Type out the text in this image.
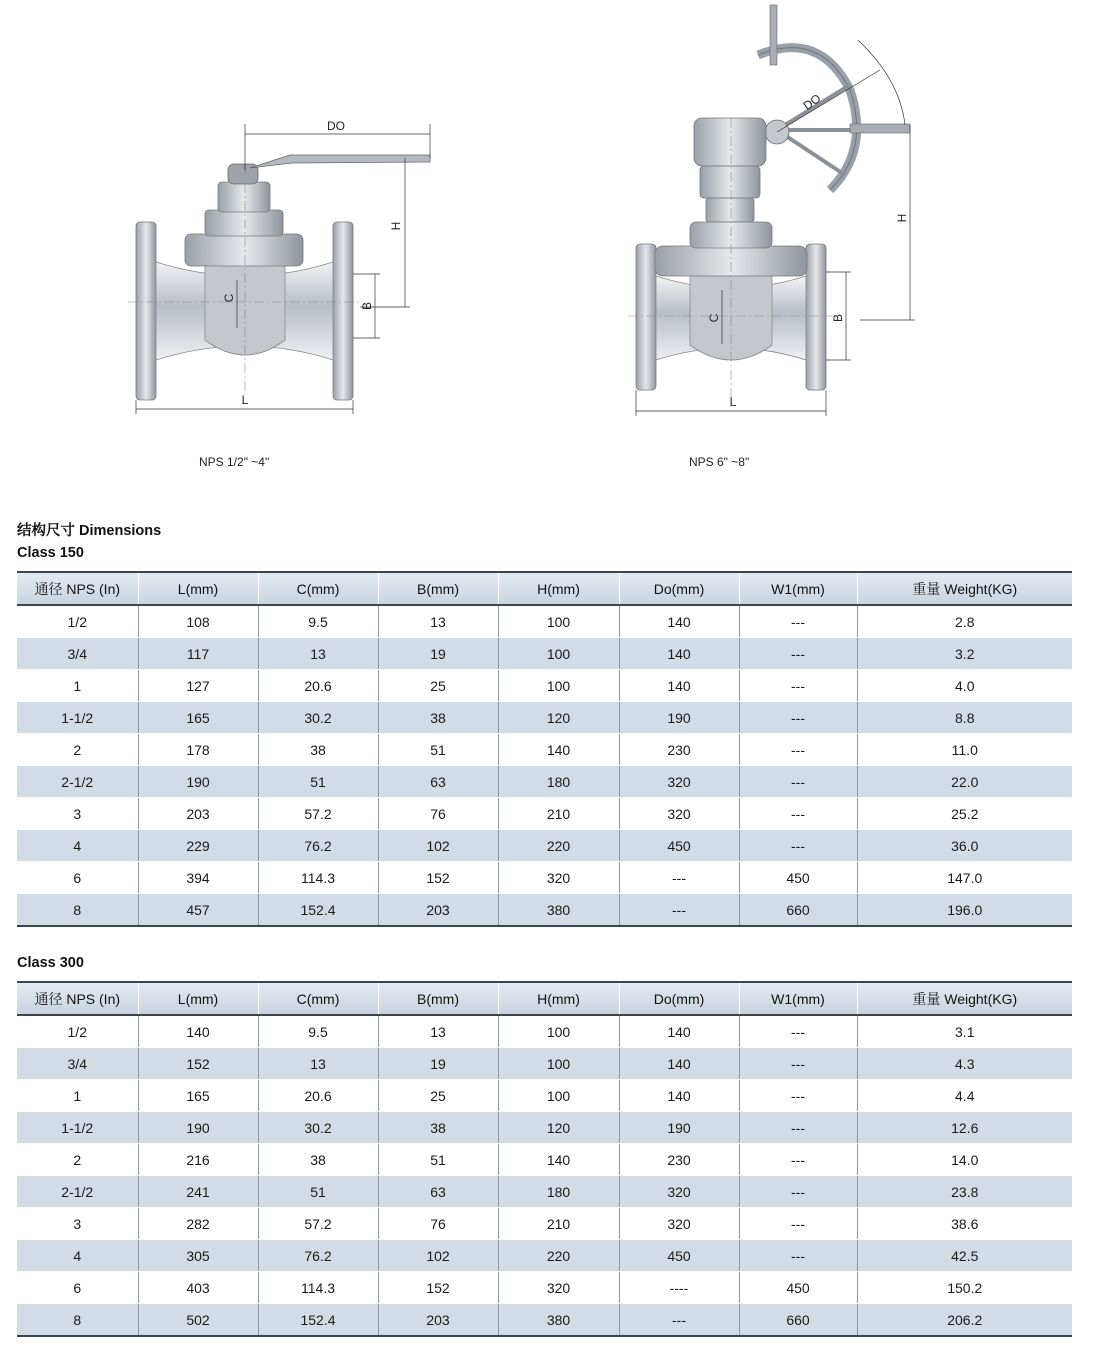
DO
H
C
B
L
NPS 1/2" ~4"
DO
H
C	B
L
NPS 6" ~8"
结构尺寸 Dimensions
Class 150
通径 NPS (In)	L(mm)	C(mm)	B(mm)	H(mm)	Do(mm)	W1(mm)	重量 Weight(KG)
1/2	108	9.5	13	100	140	---	2.8
3/4	117	13	19	100	140	---	3.2
1	127	20.6	25	100	140	---	4.0
1-1/2	165	30.2	38	120	190	---	8.8
2	178	38	51	140	230	---	11.0
2-1/2	190	51	63	180	320	---	22.0
3	203	57.2	76	210	320	---	25.2
4	229	76.2	102	220	450	---	36.0
6	394	114.3	152	320	---	450	147.0
8	457	152.4	203	380	---	660	196.0
Class 300
通径 NPS (In)	L(mm)	C(mm)	B(mm)	H(mm)	Do(mm)	W1(mm)	重量 Weight(KG)
1/2	140	9.5	13	100	140	---	3.1
3/4	152	13	19	100	140	---	4.3
1	165	20.6	25	100	140	---	4.4
1-1/2	190	30.2	38	120	190	---	12.6
2	216	38	51	140	230	---	14.0
2-1/2	241	51	63	180	320	---	23.8
3	282	57.2	76	210	320	---	38.6
4	305	76.2	102	220	450	---	42.5
6	403	114.3	152	320	----	450	150.2
8	502	152.4	203	380	---	660	206.2
